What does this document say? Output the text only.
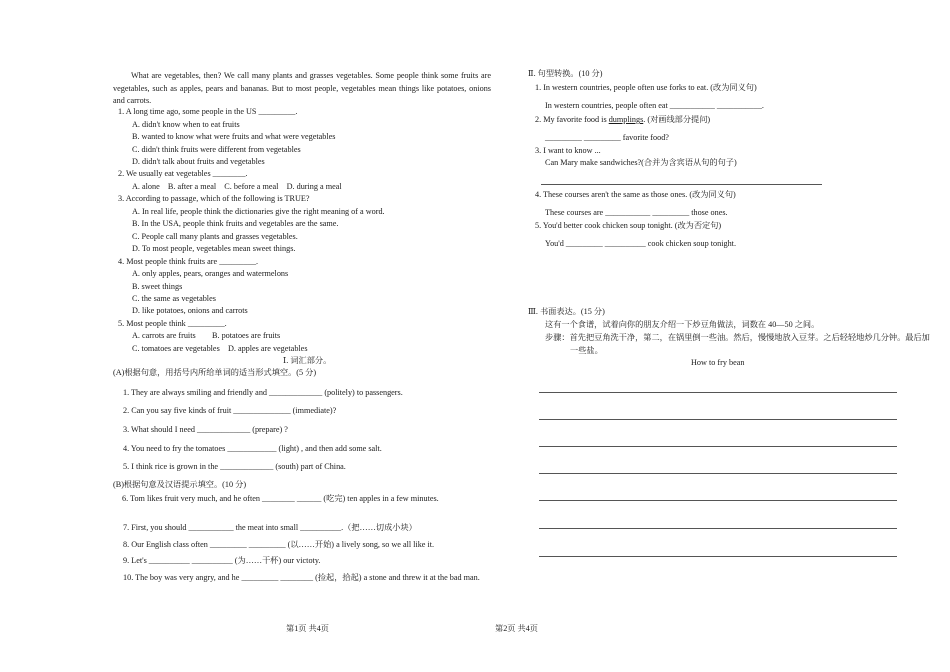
What are vegetables, then? We call many plants and grasses vegetables. Some people think some fruits are vegetables, such as apples, pears and bananas. But to most people, vegetables mean things like potatoes, onions and carrots.
1. A long time ago, some people in the US _________.
A. didn't know when to eat fruits
B. wanted to know what were fruits and what were vegetables
C. didn't think fruits were different from vegetables
D. didn't talk about fruits and vegetables
2. We usually eat vegetables ________.
A. alone    B. after a meal    C. before a meal    D. during a meal
3. According to passage, which of the following is TRUE?
A. In real life, people think the dictionaries give the right meaning of a word.
B. In the USA, people think fruits and vegetables are the same.
C. People call many plants and grasses vegetables.
D. To most people, vegetables mean sweet things.
4. Most people think fruits are _________.
A. only apples, pears, oranges and watermelons
B. sweet things
C. the same as vegetables
D. like potatoes, onions and carrots
5. Most people think _________.
A. carrots are fruits        B. potatoes are fruits
C. tomatoes are vegetables    D. apples are vegetables
Ⅰ. 词汇部分。
(A)根据句意，用括号内所给单词的适当形式填空。(5 分)
1. They are always smiling and friendly and _____________ (politely) to passengers.
2. Can you say five kinds of fruit ______________ (immediate)?
3. What should I need _____________ (prepare) ?
4. You need to fry the tomatoes ____________ (light) , and then add some salt.
5. I think rice is grown in the _____________ (south) part of China.
(B)根据句意及汉语提示填空。(10 分)
6. Tom likes fruit very much, and he often ________ ______ (吃完) ten apples in a few minutes.
7. First, you should ___________ the meat into small __________.（把……切成小块）
8. Our English class often _________ _________ (以……开始) a lively song, so we all like it.
9. Let's __________ __________ (为……干杯) our victoty.
10. The boy was very angry, and he _________ ________ (捡起，拾起) a stone and threw it at the bad man.
第1页 共4页
Ⅱ. 句型转换。(10 分)
1. In western countries, people often use forks to eat. (改为同义句)
In western countries, people often eat ___________ ___________.
2. My favorite food is dumplings. (对画线部分提问)
_________ _________ favorite food?
3. I want to know ...
Can Mary make sandwiches?(合并为含宾语从句的句子)
4. These courses aren't the same as those ones. (改为同义句)
These courses are ___________ _________ those ones.
5. You'd better cook chicken soup tonight. (改为否定句)
You'd _________ __________ cook chicken soup tonight.
Ⅲ. 书面表达。(15 分)
这有一个食谱，试着向你的朋友介绍一下炒豆角做法，词数在 40—50 之间。
步骤：首先把豆角洗干净，第二，在锅里倒一些油。然后，慢慢地放入豆芽。之后轻轻地炒几分钟。最后加一些盐。
How to fry bean
第2页 共4页
